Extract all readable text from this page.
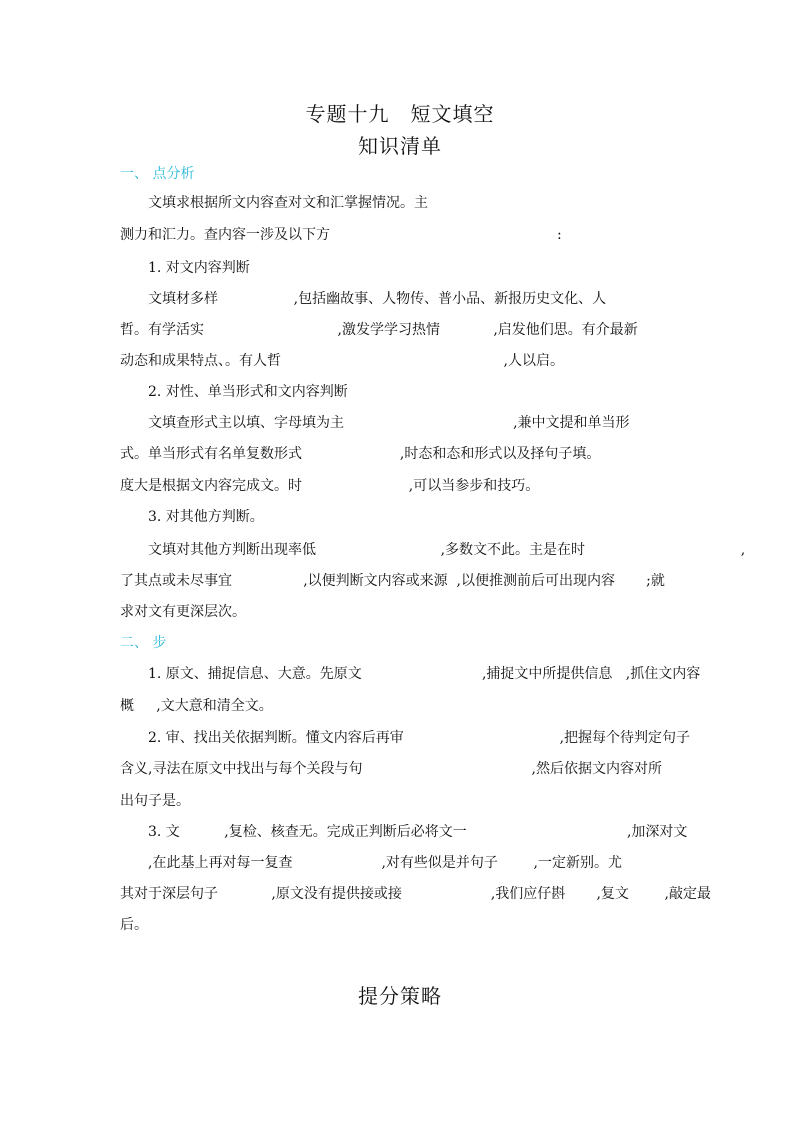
专题十九　短文填空
知识清单

一、 点分析

文填求根据所文内容查对文和汇掌握情况。主

测力和汇力。查内容一涉及以下方                                                   :

1. 对文内容判断

文填材多样                 ,包括幽故事、人物传、普小品、新报历史文化、人

哲。有学活实                              ,激发学学习热情            ,启发他们思。有介最新

动态和成果特点、。有人哲                                                  ,人以启。

2. 对性、单当形式和文内容判断

文填查形式主以填、字母填为主                                      ,兼中文提和单当形

式。单当形式有名单复数形式                      ,时态和态和形式以及择句子填。

度大是根据文内容完成文。时                        ,可以当参步和技巧。

3. 对其他方判断。

文填对其他方判断出现率低                            ,多数文不此。主是在时                                   ,

了其点或未尽事宜                ,以便判断文内容或来源  ,以便推测前后可出现内容       ;就

求对文有更深层次。

二、 步

1. 原文、捕捉信息、大意。先原文                           ,捕捉文中所提供信息   ,抓住文内容

概     ,文大意和清全文。

2. 审、找出关依据判断。懂文内容后再审                                   ,把握每个待判定句子

含义,寻法在原文中找出与每个关段与句                                      ,然后依据文内容对所

出句子是。

3. 文          ,复检、核查无。完成正判断后必将文一                                    ,加深对文

,在此基上再对每一复查                    ,对有些似是并句子        ,一定新别。尤

其对于深层句子            ,原文没有提供接或接                    ,我们应仔斟       ,复文        ,敲定最

后。

提分策略
